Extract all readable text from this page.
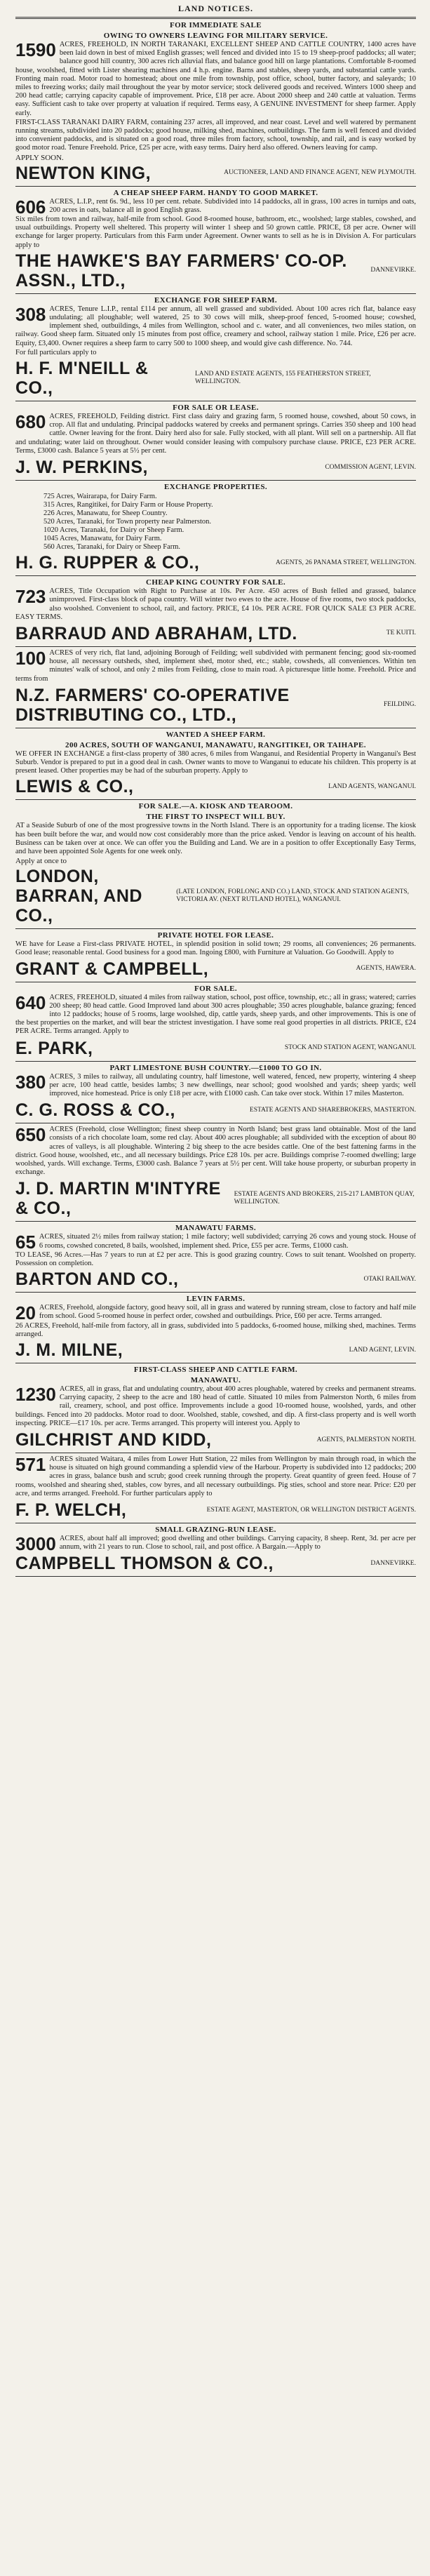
LAND NOTICES.
FOR IMMEDIATE SALE
OWING TO OWNERS LEAVING FOR MILITARY SERVICE.

1590 ACRES, FREEHOLD, IN NORTH TARANAKI, EXCELLENT SHEEP AND CATTLE COUNTRY, 1400 acres have been laid down in best of mixed English grasses; well fenced and divided into 15 to 19 sheep-proof paddocks; all water; balance good hill country, 300 acres rich alluvial flats, and balance good hill on large plantations. Comfortable 8-roomed house, woolshed, fitted with Lister shearing machines and 4 h.p. engine. Barns and stables, sheep yards, and substantial cattle yards. Fronting main road. Motor road to homestead; about one mile from township, post office, school, butter factory, and saleyards; 10 miles to freezing works; daily mail throughout the year by motor service; stock delivered goods and received. Winters 1000 sheep and 200 head cattle; carrying capacity capable of improvement. Price, £18 per acre. About 2000 sheep and 240 cattle at valuation. Terms easy. Sufficient cash to take over property at valuation if required. Terms easy, A GENUINE INVESTMENT for sheep farmer. Apply early.

FIRST-CLASS TARANAKI DAIRY FARM, containing 237 acres, all improved, and near coast. Level and well watered by permanent running streams, subdivided into 20 paddocks; good house, milking shed, machines, outbuildings. The farm is well fenced and divided into convenient paddocks, and is situated on a good road, three miles from factory, school, township, and rail, and is easy worked by good motor road. Tenure Freehold. Price, £25 per acre, with easy terms. Dairy herd also offered. Owners leaving for camp.

APPLY SOON.
NEWTON KING,	AUCTIONEER, LAND AND FINANCE AGENT, NEW PLYMOUTH.
A CHEAP SHEEP FARM. HANDY TO GOOD MARKET.

606 ACRES, L.I.P., rent 6s. 9d., less 10 per cent. rebate. Subdivided into 14 paddocks, all in grass, 100 acres in turnips and oats, 200 acres in oats, balance all in good English grass.

Six miles from town and railway, half-mile from school. Good 8-roomed house, bathroom, etc., woolshed; large stables, cowshed, and usual outbuildings. Property well sheltered. This property will winter 1 sheep and 50 grown cattle. PRICE, £8 per acre. Owner will exchange for larger property. Particulars from this Farm under Agreement. Owner wants to sell as he is in Division A. For particulars apply to

THE HAWKE'S BAY FARMERS' CO-OP. ASSN., LTD.,
DANNEVIRKE.
EXCHANGE FOR SHEEP FARM.

308 ACRES, Tenure L.I.P., rental £114 per annum, all well grassed and subdivided. About 100 acres rich flat, balance easy undulating; all ploughable; well watered, 25 to 30 cows will milk, sheep-proof fenced, 5-roomed house; cowshed, implement shed, outbuildings, 4 miles from Wellington, school and c. water, and all conveniences, two miles station, on railway. Good sheep farm. Situated only 15 minutes from post office, creamery and school, railway station 1 mile. Price, £26 per acre. Equity, £3,400. Owner requires a sheep farm to carry 500 to 1000 sheep, and would give cash difference. No. 744.

For full particulars apply to

H. F. M'NEILL & CO.,
LAND AND ESTATE AGENTS, 155 FEATHERSTON STREET, WELLINGTON.
FOR SALE OR LEASE.

680 ACRES, FREEHOLD, Feilding district. First class dairy and grazing farm, 5 roomed house, cowshed, about 50 cows, in crop. All flat and undulating. Principal paddocks watered by creeks and permanent springs. Carries 350 sheep and 100 head cattle. Owner leaving for the front. Dairy herd also for sale. Fully stocked, with all plant. Will sell on a partnership. All flat and undulating; water laid on throughout. Owner would consider leasing with compulsory purchase clause. PRICE, £23 PER ACRE. Terms, £3000 cash. Balance 5 years at 5½ per cent.

J. W. PERKINS,	COMMISSION AGENT, LEVIN.
EXCHANGE PROPERTIES.
725 Acres, Wairarapa, for Dairy Farm.
315 Acres, Rangitikei, for Dairy Farm or House Property.
226 Acres, Manawatu, for Sheep Country.
520 Acres, Taranaki, for Town property near Palmerston.
1020 Acres, Taranaki, for Dairy or Sheep Farm.
1045 Acres, Manawatu, for Dairy Farm.
560 Acres, Taranaki, for Dairy or Sheep Farm.
H. G. RUPPER & CO.,	AGENTS, 26 PANAMA STREET, WELLINGTON.
CHEAP KING COUNTRY FOR SALE.

723 ACRES, Title Occupation with Right to Purchase at 10s. Per Acre. 450 acres of Bush felled and grassed, balance unimproved. First-class block of papa country. Will winter two ewes to the acre. House of five rooms, two stock paddocks, also woolshed. Convenient to school, rail, and factory. PRICE, £4 10s. PER ACRE. FOR QUICK SALE £3 PER ACRE. EASY TERMS.

BARRAUD AND ABRAHAM, LTD.	TE KUITI.

100 ACRES of very rich, flat land, adjoining Borough of Feilding; well subdivided with permanent fencing; good six-roomed house, all necessary outsheds, shed, implement shed, motor shed, etc.; stable, cowsheds, all conveniences. Within ten minutes' walk of school, and only 2 miles from Feilding, close to main road. A picturesque little home. Freehold. Price and terms from

N.Z. FARMERS' CO-OPERATIVE DISTRIBUTING CO., LTD.,
FEILDING.
WANTED A SHEEP FARM.
200 ACRES, SOUTH OF WANGANUI, MANAWATU, RANGITIKEI, OR TAIHAPE.

WE OFFER IN EXCHANGE a first-class property of 380 acres, 6 miles from Wanganui, and Residential Property in Wanganui's Best Suburb. Vendor is prepared to put in a good deal in cash. Owner wants to move to Wanganui to educate his children. This property is at present leased. Other properties may be had of the suburban property. Apply to

LEWIS & CO.,	LAND AGENTS, WANGANUI.
FOR SALE.—A. KIOSK AND TEAROOM.
THE FIRST TO INSPECT WILL BUY.

AT a Seaside Suburb of one of the most progressive towns in the North Island. There is an opportunity for a trading license. The kiosk has been built before the war, and would now cost considerably more than the price asked. Vendor is leaving on account of his health. Business can be taken over at once. We can offer you the Building and Land. We are in a position to offer Exceptionally Easy Terms, and have been appointed Sole Agents for one week only.

Apply at once to
LONDON, BARRAN, AND CO.,
(LATE LONDON, FORLONG AND CO.) LAND, STOCK AND STATION AGENTS, VICTORIA AV. (NEXT RUTLAND HOTEL), WANGANUI.
PRIVATE HOTEL FOR LEASE.

WE have for Lease a First-class PRIVATE HOTEL, in splendid position in solid town; 29 rooms, all conveniences; 26 permanents. Good lease; reasonable rental. Good business for a good man. Ingoing £800, with Furniture at Valuation. Go Goodwill. Apply to

GRANT & CAMPBELL,	AGENTS, HAWERA.
FOR SALE.

640 ACRES, FREEHOLD, situated 4 miles from railway station, school, post office, township, etc.; all in grass; watered; carries 200 sheep; 80 head cattle. Good Improved land about 300 acres ploughable; 350 acres ploughable, balance grazing; fenced into 12 paddocks; house of 5 rooms, large woolshed, dip, cattle yards, sheep yards, and other improvements. This is one of the best properties on the market, and will bear the strictest investigation. I have some real good properties in all districts. PRICE, £24 PER ACRE. Terms arranged. Apply to

E. PARK,	STOCK AND STATION AGENT, WANGANUI.
PART LIMESTONE BUSH COUNTRY.—£1000 TO GO IN.

380 ACRES, 3 miles to railway, all undulating country, half limestone, well watered, fenced, new property, wintering 4 sheep per acre, 100 head cattle, besides lambs; 3 new dwellings, near school; good woolshed and yards; sheep yards; well improved, nice homestead. Price is only £18 per acre, with £1000 cash. Can take over stock. Within 17 miles Masterton.

C. G. ROSS & CO.,	ESTATE AGENTS AND SHAREBROKERS, MASTERTON.

650 ACRES (Freehold, close Wellington; finest sheep country in North Island; best grass land obtainable. Most of the land consists of a rich chocolate loam, some red clay. About 400 acres ploughable; all subdivided with the exception of about 80 acres of valleys, is all ploughable. Wintering 2 big sheep to the acre besides cattle. One of the best fattening farms in the district. Good house, woolshed, etc., and all necessary buildings. Price £28 10s. per acre. Buildings comprise 7-roomed dwelling; large woolshed, yards. Will exchange. Terms, £3000 cash. Balance 7 years at 5½ per cent. Will take house property, or suburban property in exchange.

J. D. MARTIN M'INTYRE & CO.,
ESTATE AGENTS AND BROKERS, 215-217 LAMBTON QUAY, WELLINGTON.
MANAWATU FARMS.

65 ACRES, situated 2½ miles from railway station; 1 mile factory; well subdivided; carrying 26 cows and young stock. House of 6 rooms, cowshed concreted, 8 bails, woolshed, implement shed. Price, £55 per acre. Terms, £1000 cash.

TO LEASE, 96 Acres.—Has 7 years to run at £2 per acre. This is good grazing country. Cows to suit tenant. Woolshed on property. Possession on completion.

BARTON AND CO.,	OTAKI RAILWAY.
LEVIN FARMS.

20 ACRES, Freehold, alongside factory, good heavy soil, all in grass and watered by running stream, close to factory and half mile from school. Good 5-roomed house in perfect order, cowshed and outbuildings. Price, £60 per acre. Terms arranged.

26 ACRES, Freehold, half-mile from factory, all in grass, subdivided into 5 paddocks, 6-roomed house, milking shed, machines. Terms arranged.

J. M. MILNE,	LAND AGENT, LEVIN.
FIRST-CLASS SHEEP AND CATTLE FARM.
MANAWATU.

1230 ACRES, all in grass, flat and undulating country, about 400 acres ploughable, watered by creeks and permanent streams. Carrying capacity, 2 sheep to the acre and 180 head of cattle. Situated 10 miles from Palmerston North, 6 miles from rail, creamery, school, and post office. Improvements include a good 10-roomed house, woolshed, yards, and other buildings. Fenced into 20 paddocks. Motor road to door. Woolshed, stable, cowshed, and dip. A first-class property and is well worth inspecting. PRICE—£17 10s. per acre. Terms arranged. This property will interest you. Apply to

GILCHRIST AND KIDD,	AGENTS, PALMERSTON NORTH.

571 ACRES situated Waitara, 4 miles from Lower Hutt Station, 22 miles from Wellington by main through road, in which the house is situated on high ground commanding a splendid view of the Harbour. Property is subdivided into 12 paddocks; 200 acres in grass, balance bush and scrub; good creek running through the property. Great quantity of green feed. House of 7 rooms, woolshed and shearing shed, stables, cow byres, and all necessary outbuildings. Pig sties, school and store near. Price: £20 per acre, and terms arranged. Freehold. For further particulars apply to

F. P. WELCH,	ESTATE AGENT, MASTERTON, OR WELLINGTON DISTRICT AGENTS.
SMALL GRAZING-RUN LEASE.

3000 ACRES, about half all improved; good dwelling and other buildings. Carrying capacity, 8 sheep. Rent, 3d. per acre per annum, with 21 years to run. Close to school, rail, and post office. A Bargain.—Apply to

CAMPBELL THOMSON & CO.,	DANNEVIRKE.
